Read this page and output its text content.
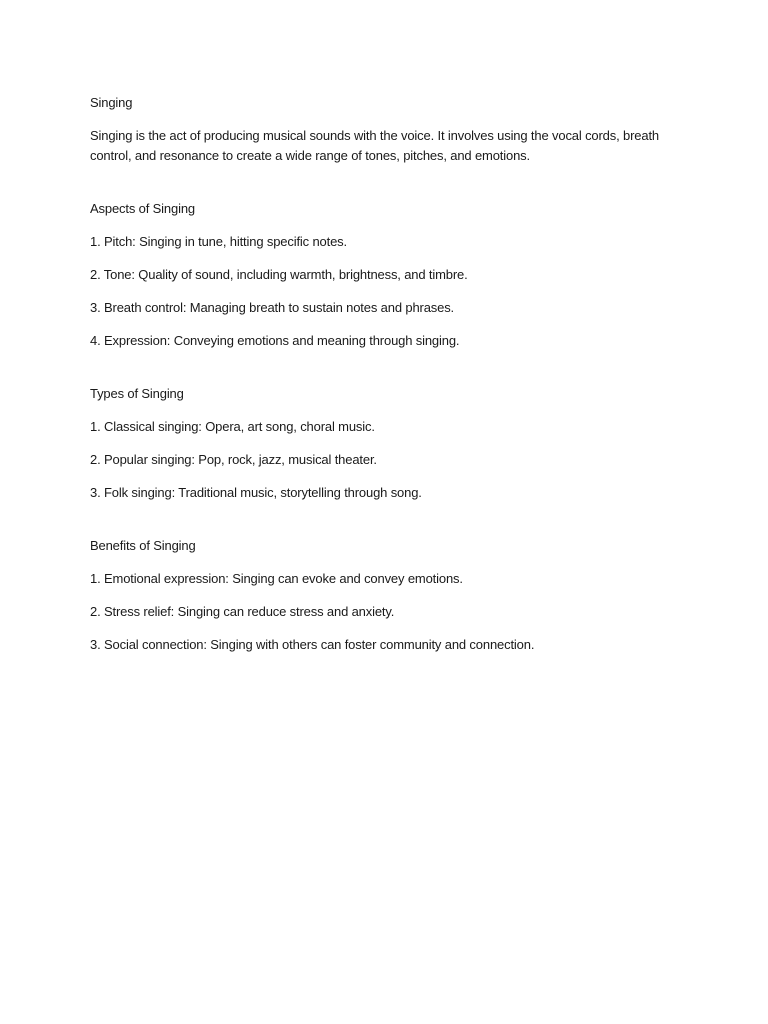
Singing

Singing is the act of producing musical sounds with the voice. It involves using the vocal cords, breath control, and resonance to create a wide range of tones, pitches, and emotions.

Aspects of Singing

1. Pitch: Singing in tune, hitting specific notes.

2. Tone: Quality of sound, including warmth, brightness, and timbre.

3. Breath control: Managing breath to sustain notes and phrases.

4. Expression: Conveying emotions and meaning through singing.

Types of Singing

1. Classical singing: Opera, art song, choral music.

2. Popular singing: Pop, rock, jazz, musical theater.

3. Folk singing: Traditional music, storytelling through song.

Benefits of Singing

1. Emotional expression: Singing can evoke and convey emotions.

2. Stress relief: Singing can reduce stress and anxiety.

3. Social connection: Singing with others can foster community and connection.
